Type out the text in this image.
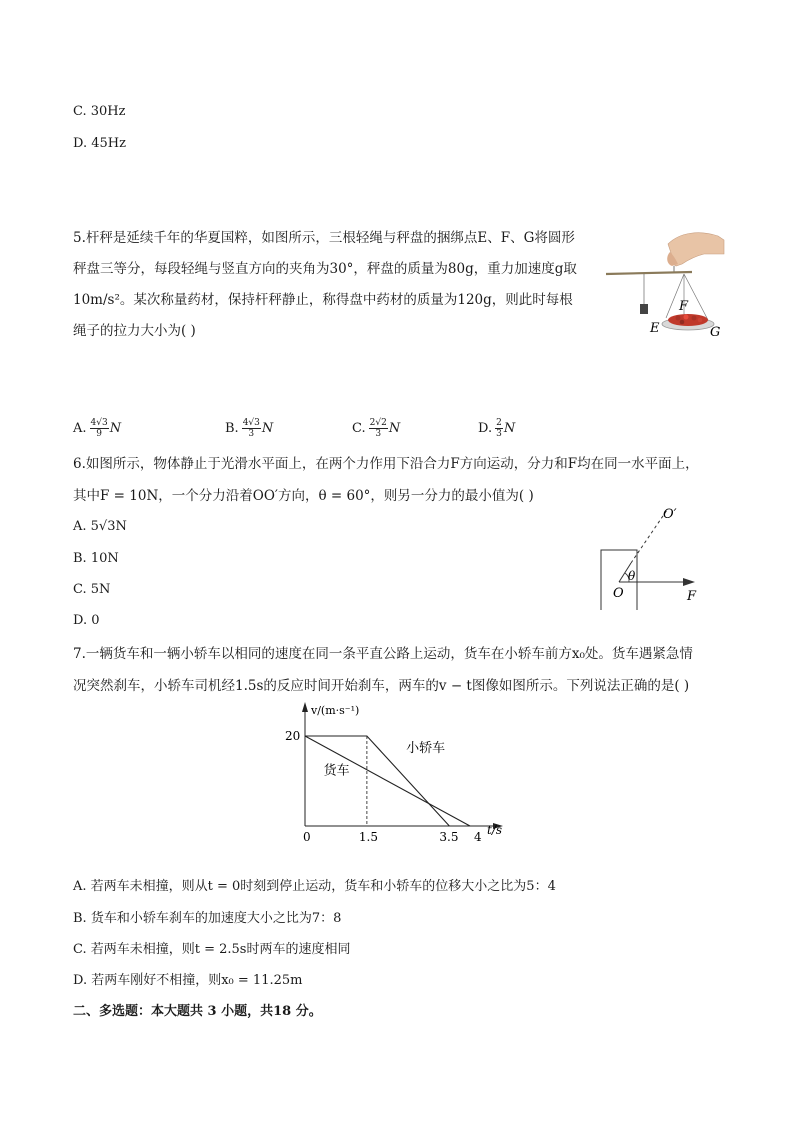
C. 30Hz
D. 45Hz
5.杆秤是延续千年的华夏国粹，如图所示，三根轻绳与秤盘的捆绑点E、F、G将圆形
秤盘三等分，每段轻绳与竖直方向的夹角为30°，秤盘的质量为80g，重力加速度g取
10m/s²。某次称量药材，保持杆秤静止，称得盘中药材的质量为120g，则此时每根
绳子的拉力大小为( )
F
E	G
A. $\frac{4√3}{9}$ N	B. $\frac{4√3}{3}$ N	C. $\frac{2√2}{3}$ N	D. $\frac{2}{3}$ N
6.如图所示，物体静止于光滑水平面上，在两个力作用下沿合力F方向运动，分力和F均在同一水平面上，
其中F = 10N，一个分力沿着OO′方向，θ = 60°，则另一分力的最小值为( )
A. 5√3N
B. 10N
C. 5N
D. 0
O′
θ
O	F
7.一辆货车和一辆小轿车以相同的速度在同一条平直公路上运动，货车在小轿车前方x₀处。货车遇紧急情
况突然刹车，小轿车司机经1.5s的反应时间开始刹车，两车的v − t图像如图所示。下列说法正确的是( )
v/(m·s⁻¹)
t/s
0	1.5	3.5 4
20
货车
小轿车
A. 若两车未相撞，则从t = 0时刻到停止运动，货车和小轿车的位移大小之比为5：4
B. 货车和小轿车刹车的加速度大小之比为7：8
C. 若两车未相撞，则t = 2.5s时两车的速度相同
D. 若两车刚好不相撞，则x₀ = 11.25m
二、多选题：本大题共 3 小题，共18 分。
